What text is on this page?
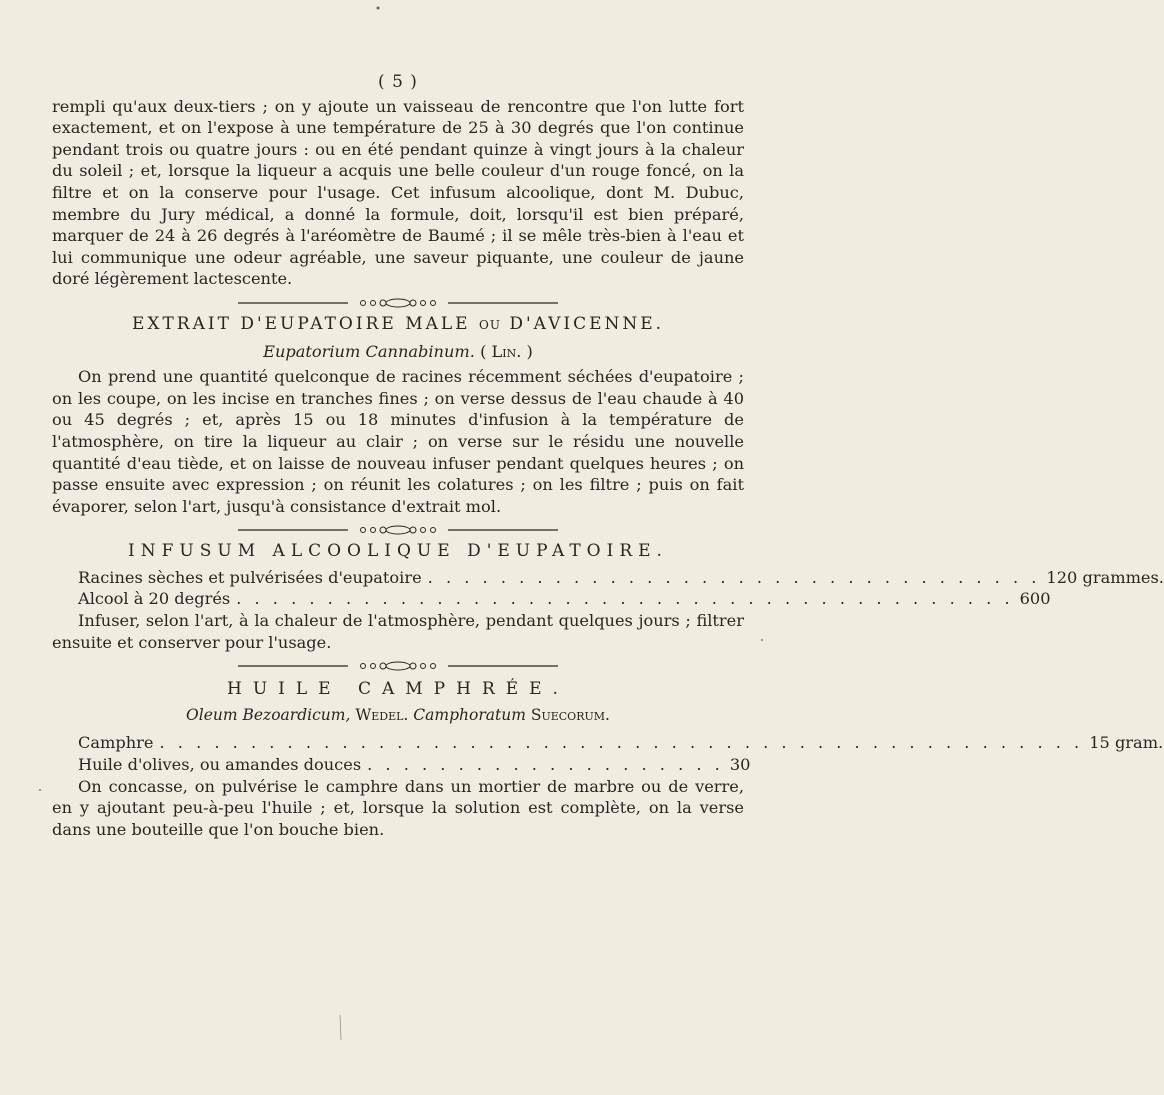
( 5 )

rempli qu'aux deux-tiers ; on y ajoute un vaisseau de rencontre que l'on lutte fort exactement, et on l'expose à une température de 25 à 30 degrés que l'on continue pendant trois ou quatre jours : ou en été pendant quinze à vingt jours à la chaleur du soleil ; et, lorsque la liqueur a acquis une belle couleur d'un rouge foncé, on la filtre et on la conserve pour l'usage. Cet infusum alcoolique, dont M. Dubuc, membre du Jury médical, a donné la formule, doit, lorsqu'il est bien préparé, marquer de 24 à 26 degrés à l'aréomètre de Baumé ; il se mêle très-bien à l'eau et lui communique une odeur agréable, une saveur piquante, une couleur de jaune doré légèrement lactescente.

EXTRAIT D'EUPATOIRE MALE OU D'AVICENNE.
Eupatorium Cannabinum. ( Lin. )

On prend une quantité quelconque de racines récemment séchées d'eupatoire ; on les coupe, on les incise en tranches fines ; on verse dessus de l'eau chaude à 40 ou 45 degrés ; et, après 15 ou 18 minutes d'infusion à la température de l'atmosphère, on tire la liqueur au clair ; on verse sur le résidu une nouvelle quantité d'eau tiède, et on laisse de nouveau infuser pendant quelques heures ; on passe ensuite avec expression ; on réunit les colatures ; on les filtre ; puis on fait évaporer, selon l'art, jusqu'à consistance d'extrait mol.

INFUSUM ALCOOLIQUE D'EUPATOIRE.
Racines sèches et pulvérisées d'eupatoire . . . . . . . . . . . . . . . . . . . . . . . . . . . . . . . . . . 120 grammes.
Alcool à 20 degrés . . . . . . . . . . . . . . . . . . . . . . . . . . . . . . . . . . . . . . . . . . . 600

Infuser, selon l'art, à la chaleur de l'atmosphère, pendant quelques jours ; filtrer ensuite et conserver pour l'usage.

HUILE CAMPHRÉE.
Oleum Bezoardicum, Wedel. Camphoratum Suecorum.
Camphre . . . . . . . . . . . . . . . . . . . . . . . . . . . . . . . . . . . . . . . . . . . . . . . . . . . 15 gram.
Huile d'olives, ou amandes douces . . . . . . . . . . . . . . . . . . . . 30

On concasse, on pulvérise le camphre dans un mortier de marbre ou de verre, en y ajoutant peu-à-peu l'huile ; et, lorsque la solution est complète, on la verse dans une bouteille que l'on bouche bien.
